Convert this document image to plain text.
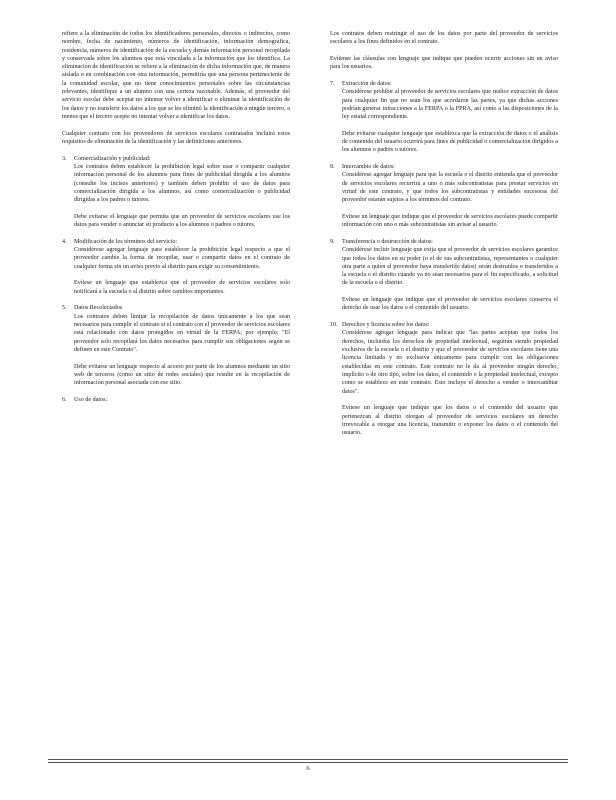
refiere a la eliminación de todos los identificadores personales, directos o indirectos, como nombre, fecha de nacimiento, números de identificación, información demográfica, residencia, números de identificación de la escuela y demás información personal recopilada y conservada sobre los alumnos que está vinculada a la información que los identifica. La eliminación de identificación se refiere a la eliminación de dicha información que, de manera aislada o en combinación con otra información, permitiría que una persona perteneciente de la comunidad escolar, que no tiene conocimientos personales sobre las circunstancias relevantes, identifique a un alumno con una certeza razonable. Además, el proveedor del servicio escolar debe aceptar no intentar volver a identificar o eliminar la identificación de los datos y no transferir los datos a los que se les eliminó la identificación a ningún tercero, a menos que el tercero acepte no intentar volver a identificar los datos.

Cualquier contrato con los proveedores de servicios escolares contratados incluirá estos requisitos de eliminación de la identificación y las definiciones anteriores.

3. Comercialización y publicidad:

Los contratos deben establecer la prohibición legal sobre usar o compartir cualquier información personal de los alumnos para fines de publicidad dirigida a los alumnos (consulte los incisos anteriores) y también deben prohibir el uso de datos para comercialización dirigida a los alumnos, así como comercialización o publicidad dirigidas a los padres o tutores.

Debe evitarse el lenguaje que permita que un proveedor de servicios escolares use los datos para vender o anunciar su producto a los alumnos o padres o tutores.

4. Modificación de los términos del servicio:

Considérese agregar lenguaje para establecer la prohibición legal respecto a que el proveedor cambie la forma de recopilar, usar o compartir datos en el contrato de cualquier forma sin un aviso previo al distrito para exigir su consentimiento.

Evítese un lenguaje que establezca que el proveedor de servicios escolares solo notificará a la escuela o al distrito sobre cambios importantes.

5. Datos Recolectados

Los contratos deben limitar la recopilación de datos únicamente a los que sean necesarios para cumplir el contrato si el contrato con el proveedor de servicios escolares está relacionado con datos protegidos en virtud de la FERPA; por ejemplo: "El proveedor solo recopilará los datos necesarios para cumplir sus obligaciones según se definen en este Contrato".

Debe evitarse un lenguaje respecto al acceso por parte de los alumnos mediante un sitio web de terceros (como un sitio de redes sociales) que resulte en la recopilación de información personal asociada con ese sitio.

6. Uso de datos:

Los contratos deben restringir el uso de los datos por parte del proveedor de servicios escolares a los fines definidos en el contrato.

Evítense las cláusulas con lenguaje que indique que pueden ocurrir acciones sin un aviso para los usuarios.

7. Extracción de datos:

Considérese prohibir al proveedor de servicios escolares que realice extracción de datos para cualquier fin que no sean los que acordaron las partes, ya que dichas acciones podrían generar infracciones a la FERPA o la PPRA, así como a las disposiciones de la ley estatal correspondiente.

Debe evitarse cualquier lenguaje que establezca que la extracción de datos o el análisis de contenido del usuario ocurrirá para fines de publicidad o comercialización dirigidos a los alumnos o padres o tutores.

8. Intercambio de datos:

Considérese agregar lenguaje para que la escuela o el distrito entienda que el proveedor de servicios escolares recurrirá a uno o más subcontratistas para prestar servicios en virtud de este contrato, y que todos los subcontratistas y entidades sucesoras del proveedor estarán sujetos a los términos del contrato.

Evítese un lenguaje que indique que el proveedor de servicios escolares puede compartir información con uno o más subcontratistas sin avisar al usuario.

9. Transferencia o destrucción de datos:

Considérese incluir lenguaje que exija que el proveedor de servicios escolares garantice que todos los datos en su poder (o el de sus subcontratistas, representantes o cualquier otra parte a quien el proveedor haya transferido datos) serán destruidos o transferidos a la escuela o el distrito cuando ya no sean necesarios para el fin especificado, a solicitud de la escuela o el distrito.

Evítese un lenguaje que indique que el proveedor de servicios escolares conserva el derecho de usar los datos o el contenido del usuario.

10. Derechos y licencia sobre los datos:

Considérese agregar lenguaje para indicar que "las partes aceptan que todos los derechos, incluidos los derechos de propiedad intelectual, seguirán siendo propiedad exclusiva de la escuela o el distrito y que el proveedor de servicios escolares tiene una licencia limitada y no exclusiva únicamente para cumplir con las obligaciones establecidas en este contrato. Este contrato no le da al proveedor ningún derecho, implícito o de otro tipo, sobre los datos, el contenido o la propiedad intelectual, excepto como se establece en este contrato. Esto incluye el derecho a vender o intercambiar datos".

Evítese un lenguaje que indique que los datos o el contenido del usuario que pertenezcan al distrito otorgan al proveedor de servicios escolares un derecho irrevocable a otorgar una licencia, transmitir o exponer los datos o el contenido del usuario.

6
